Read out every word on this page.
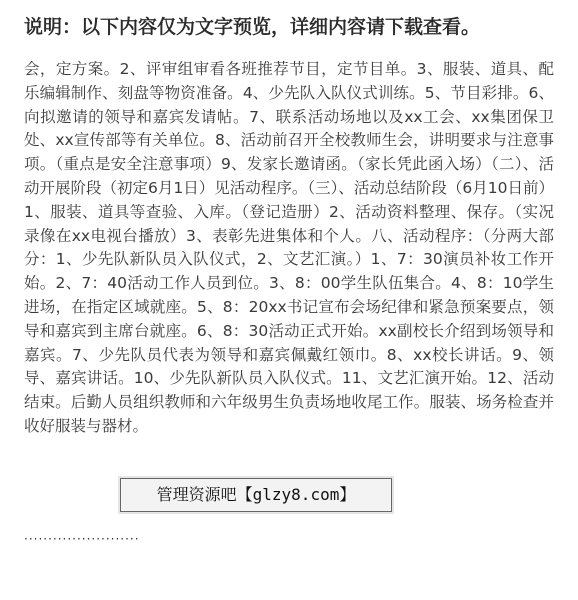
说明：以下内容仅为文字预览，详细内容请下载查看。
会，定方案。2、评审组审看各班推荐节目，定节目单。3、服装、道具、配乐编辑制作、刻盘等物资准备。4、少先队入队仪式训练。5、节目彩排。6、向拟邀请的领导和嘉宾发请帖。7、联系活动场地以及xx工会、xx集团保卫处、xx宣传部等有关单位。8、活动前召开全校教师生会，讲明要求与注意事项。（重点是安全注意事项）9、发家长邀请函。（家长凭此函入场）（二）、活动开展阶段（初定6月1日）见活动程序。（三）、活动总结阶段（6月10日前）1、服装、道具等查验、入库。（登记造册）2、活动资料整理、保存。（实况录像在xx电视台播放）3、表彰先进集体和个人。八、活动程序：（分两大部分：1、少先队新队员入队仪式，2、文艺汇演。）1、7：30演员补妆工作开始。2、7：40活动工作人员到位。3、8：00学生队伍集合。4、8：10学生进场，在指定区域就座。5、8：20xx书记宣布会场纪律和紧急预案要点，领导和嘉宾到主席台就座。6、8：30活动正式开始。xx副校长介绍到场领导和嘉宾。7、少先队员代表为领导和嘉宾佩戴红领巾。8、xx校长讲话。9、领导、嘉宾讲话。10、少先队新队员入队仪式。11、文艺汇演开始。12、活动结束。后勤人员组织教师和六年级男生负责场地收尾工作。服装、场务检查并收好服装与器材。
························
管理资源吧【glzy8.com】
